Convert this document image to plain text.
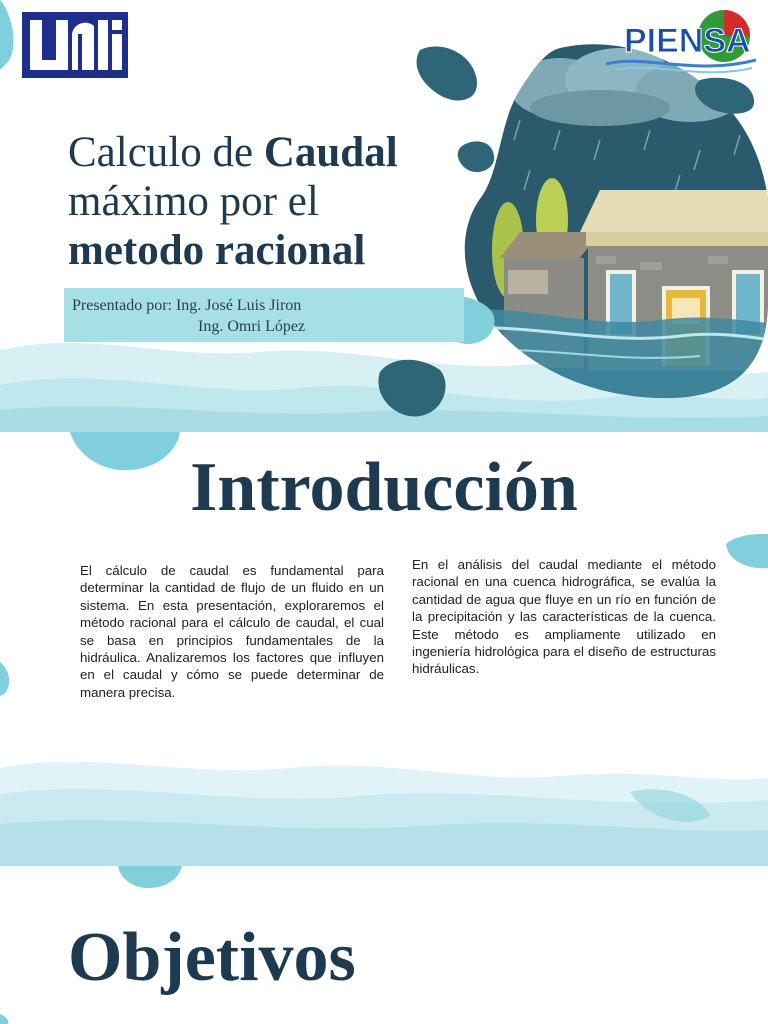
PIENSA
Calculo de Caudal
máximo por el
metodo racional
Presentado por: Ing. José Luis Jiron
Ing. Omri López
Introducción

El cálculo de caudal es fundamental para determinar la cantidad de flujo de un fluido en un sistema. En esta presentación, exploraremos el método racional para el cálculo de caudal, el cual se basa en principios fundamentales de la hidráulica. Analizaremos los factores que influyen en el caudal y cómo se puede determinar de manera precisa.

En el análisis del caudal mediante el método racional en una cuenca hidrográfica, se evalúa la cantidad de agua que fluye en un río en función de la precipitación y las características de la cuenca. Este método es ampliamente utilizado en ingeniería hidrológica para el diseño de estructuras hidráulicas.

Objetivos
